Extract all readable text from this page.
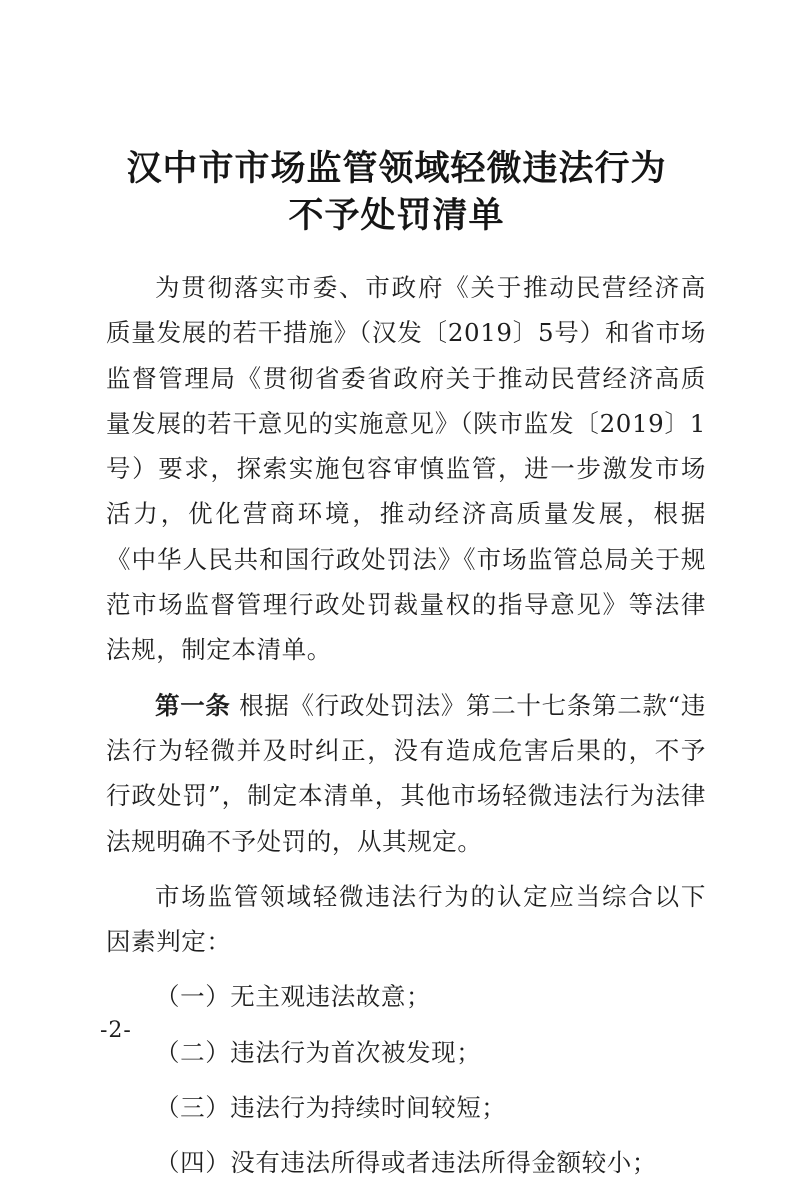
汉中市市场监管领域轻微违法行为
不予处罚清单

为贯彻落实市委、市政府《关于推动民营经济高质量发展的若干措施》（汉发〔2019〕5号）和省市场监督管理局《贯彻省委省政府关于推动民营经济高质量发展的若干意见的实施意见》（陕市监发〔2019〕1号）要求，探索实施包容审慎监管，进一步激发市场活力，优化营商环境，推动经济高质量发展，根据《中华人民共和国行政处罚法》《市场监管总局关于规范市场监督管理行政处罚裁量权的指导意见》等法律法规，制定本清单。

第一条 根据《行政处罚法》第二十七条第二款“违法行为轻微并及时纠正，没有造成危害后果的，不予行政处罚”，制定本清单，其他市场轻微违法行为法律法规明确不予处罚的，从其规定。

市场监管领域轻微违法行为的认定应当综合以下因素判定：

（一）无主观违法故意；

（二）违法行为首次被发现；

（三）违法行为持续时间较短；

（四）没有违法所得或者违法所得金额较小；

-2-
